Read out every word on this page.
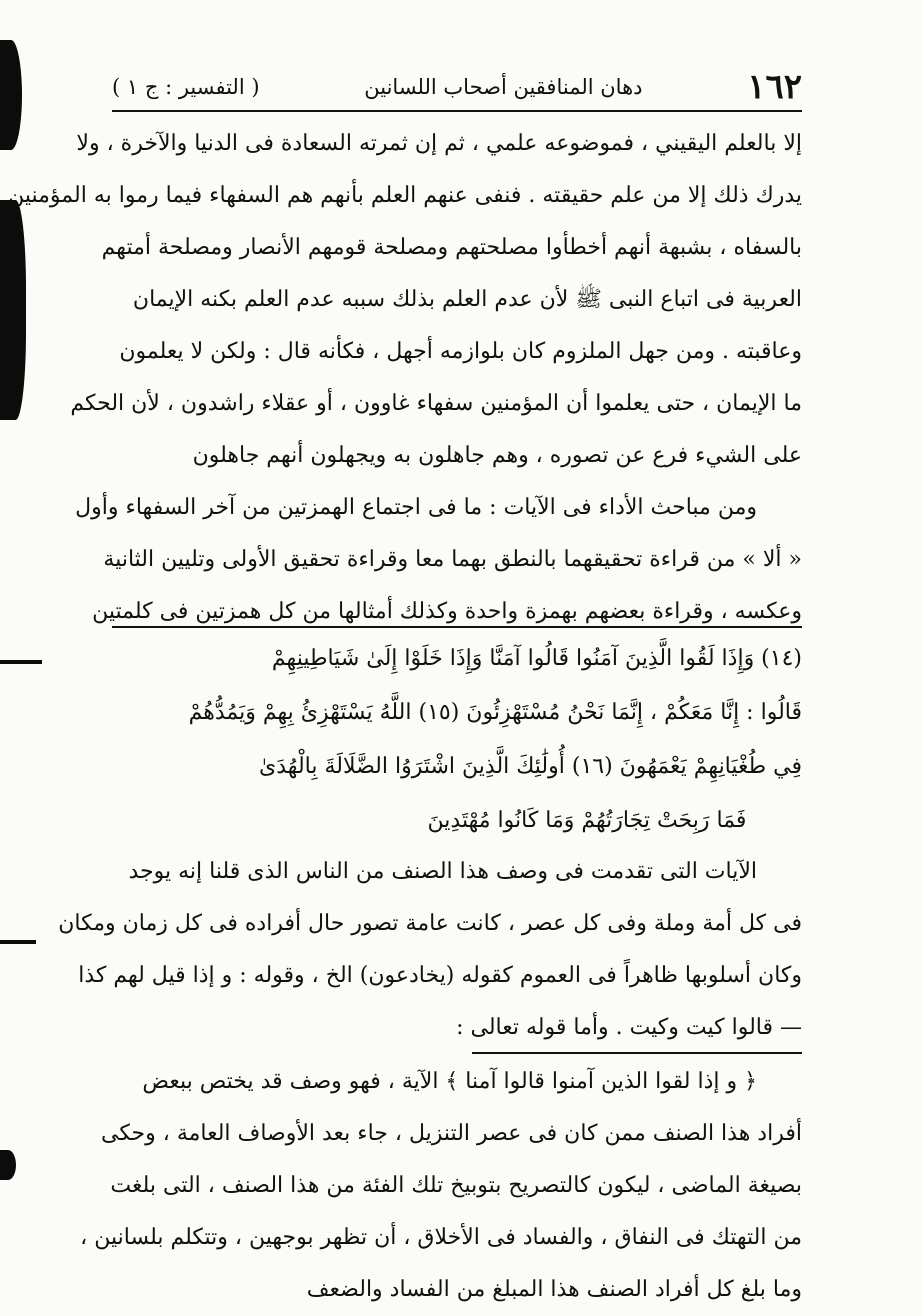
١٦٢
دهان المنافقين أصحاب اللسانين
( التفسير : ج ١ )
إلا بالعلم اليقيني ، فموضوعه علمي ، ثم إن ثمرته السعادة فى الدنيا والآخرة ، ولا
يدرك ذلك إلا من علم حقيقته . فنفى عنهم العلم بأنهم هم السفهاء فيما رموا به المؤمنين
بالسفاه ، بشبهة أنهم أخطأوا مصلحتهم ومصلحة قومهم الأنصار ومصلحة أمتهم
العربية فى اتباع النبى ﷺ لأن عدم العلم بذلك سببه عدم العلم بكنه الإيمان
وعاقبته . ومن جهل الملزوم كان بلوازمه أجهل ، فكأنه قال : ولكن لا يعلمون
ما الإيمان ، حتى يعلموا أن المؤمنين سفهاء غاوون ، أو عقلاء راشدون ، لأن الحكم
على الشيء فرع عن تصوره ، وهم جاهلون به ويجهلون أنهم جاهلون
ومن مباحث الأداء فى الآيات : ما فى اجتماع الهمزتين من آخر السفهاء وأول
« ألا » من قراءة تحقيقهما بالنطق بهما معا وقراءة تحقيق الأولى وتليين الثانية
وعكسه ، وقراءة بعضهم بهمزة واحدة وكذلك أمثالها من كل همزتين فى كلمتين
(١٤) وَإِذَا لَقُوا الَّذِينَ آمَنُوا قَالُوا آمَنَّا وَإِذَا خَلَوْا إِلَىٰ شَيَاطِينِهِمْ
قَالُوا : إِنَّا مَعَكُمْ ، إِنَّمَا نَحْنُ مُسْتَهْزِئُونَ (١٥) اللَّهُ يَسْتَهْزِئُ بِهِمْ وَيَمُدُّهُمْ
فِي طُغْيَانِهِمْ يَعْمَهُونَ (١٦) أُولَٰئِكَ الَّذِينَ اشْتَرَوُا الضَّلَالَةَ بِالْهُدَىٰ
فَمَا رَبِحَتْ تِجَارَتُهُمْ وَمَا كَانُوا مُهْتَدِينَ
الآيات التى تقدمت فى وصف هذا الصنف من الناس الذى قلنا إنه يوجد
فى كل أمة وملة وفى كل عصر ، كانت عامة تصور حال أفراده فى كل زمان ومكان
وكان أسلوبها ظاهراً فى العموم كقوله (يخادعون) الخ ، وقوله : و إذا قيل لهم كذا
— قالوا كيت وكيت . وأما قوله تعالى :
﴿ و إذا لقوا الذين آمنوا قالوا آمنا ﴾ الآية ، فهو وصف قد يختص ببعض
أفراد هذا الصنف ممن كان فى عصر التنزيل ، جاء بعد الأوصاف العامة ، وحكى
بصيغة الماضى ، ليكون كالتصريح بتوبيخ تلك الفئة من هذا الصنف ، التى بلغت
من التهتك فى النفاق ، والفساد فى الأخلاق ، أن تظهر بوجهين ، وتتكلم بلسانين ،
وما بلغ كل أفراد الصنف هذا المبلغ من الفساد والضعف
